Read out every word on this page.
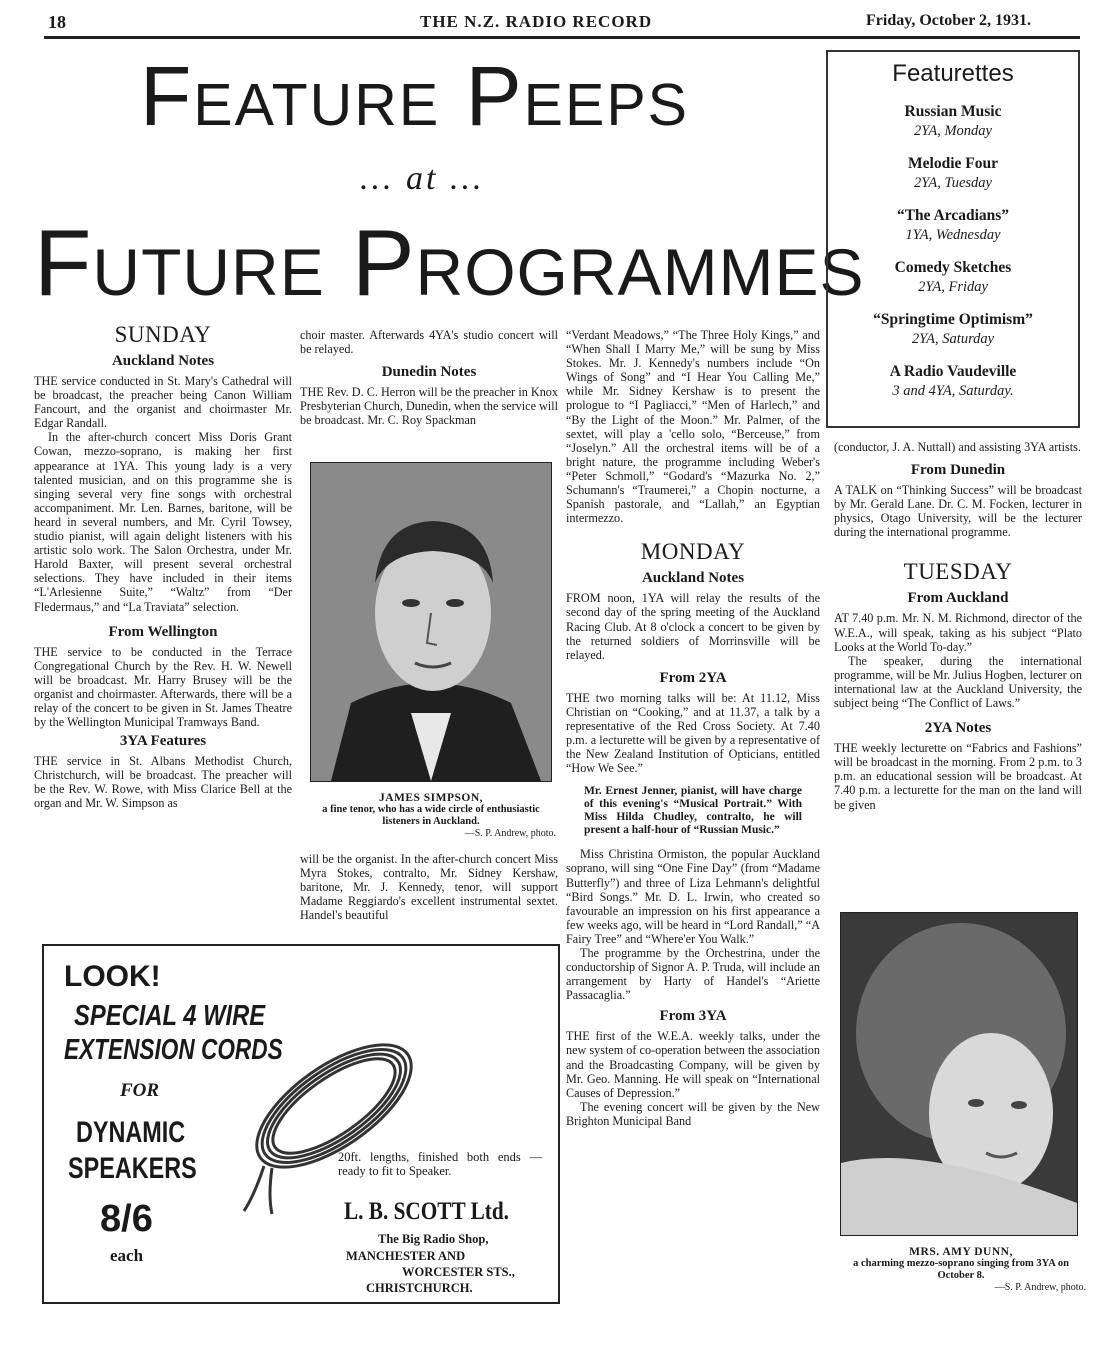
18	THE N.Z. RADIO RECORD	Friday, October 2, 1931.
Feature Peeps
... at ...
Future Programmes
Featurettes
Russian Music
2YA, Monday
Melodie Four
2YA, Tuesday
“The Arcadians”
1YA, Wednesday
Comedy Sketches
2YA, Friday
“Springtime Optimism”
2YA, Saturday
A Radio Vaudeville
3 and 4YA, Saturday.
SUNDAY
Auckland Notes

THE service conducted in St. Mary's Cathedral will be broadcast, the preacher being Canon William Fancourt, and the organist and choirmaster Mr. Edgar Randall.

In the after-church concert Miss Doris Grant Cowan, mezzo-soprano, is making her first appearance at 1YA. This young lady is a very talented musician, and on this programme she is singing several very fine songs with orchestral accompaniment. Mr. Len. Barnes, baritone, will be heard in several numbers, and Mr. Cyril Towsey, studio pianist, will again delight listeners with his artistic solo work. The Salon Orchestra, under Mr. Harold Baxter, will present several orchestral selections. They have included in their items “L'Arlesienne Suite,” “Waltz” from “Der Fledermaus,” and “La Traviata” selection.

From Wellington

THE service to be conducted in the Terrace Congregational Church by the Rev. H. W. Newell will be broadcast. Mr. Harry Brusey will be the organist and choirmaster. Afterwards, there will be a relay of the concert to be given in St. James Theatre by the Wellington Municipal Tramways Band.

3YA Features

THE service in St. Albans Methodist Church, Christchurch, will be broadcast. The preacher will be the Rev. W. Rowe, with Miss Clarice Bell at the organ and Mr. W. Simpson as

choir master. Afterwards 4YA's studio concert will be relayed.

Dunedin Notes

THE Rev. D. C. Herron will be the preacher in Knox Presbyterian Church, Dunedin, when the service will be broadcast. Mr. C. Roy Spackman

JAMES SIMPSON,
a fine tenor, who has a wide circle of enthusiastic listeners in Auckland.
—S. P. Andrew, photo.

will be the organist. In the after-church concert Miss Myra Stokes, contralto, Mr. Sidney Kershaw, baritone, Mr. J. Kennedy, tenor, will support Madame Reggiardo's excellent instrumental sextet. Handel's beautiful

“Verdant Meadows,” “The Three Holy Kings,” and “When Shall I Marry Me,” will be sung by Miss Stokes. Mr. J. Kennedy's numbers include “On Wings of Song” and “I Hear You Calling Me,” while Mr. Sidney Kershaw is to present the prologue to “I Pagliacci,” “Men of Harlech,” and “By the Light of the Moon.” Mr. Palmer, of the sextet, will play a 'cello solo, “Berceuse,” from “Joselyn.” All the orchestral items will be of a bright nature, the programme including Weber's “Peter Schmoll,” “Godard's “Mazurka No. 2,” Schumann's “Traumerei,” a Chopin nocturne, a Spanish pastorale, and “Lallah,” an Egyptian intermezzo.

MONDAY
Auckland Notes

FROM noon, 1YA will relay the results of the second day of the spring meeting of the Auckland Racing Club. At 8 o'clock a concert to be given by the returned soldiers of Morrinsville will be relayed.

From 2YA

THE two morning talks will be: At 11.12, Miss Christian on “Cooking,” and at 11.37, a talk by a representative of the Red Cross Society. At 7.40 p.m. a lecturette will be given by a representative of the New Zealand Institution of Opticians, entitled “How We See.”

Mr. Ernest Jenner, pianist, will have charge of this evening's “Musical Portrait.” With Miss Hilda Chudley, contralto, he will present a half-hour of “Russian Music.”

Miss Christina Ormiston, the popular Auckland soprano, will sing “One Fine Day” (from “Madame Butterfly”) and three of Liza Lehmann's delightful “Bird Songs.” Mr. D. L. Irwin, who created so favourable an impression on his first appearance a few weeks ago, will be heard in “Lord Randall,” “A Fairy Tree” and “Where'er You Walk.”

The programme by the Orchestrina, under the conductorship of Signor A. P. Truda, will include an arrangement by Harty of Handel's “Ariette Passacaglia.”

From 3YA

THE first of the W.E.A. weekly talks, under the new system of co-operation between the association and the Broadcasting Company, will be given by Mr. Geo. Manning. He will speak on “International Causes of Depression.”

The evening concert will be given by the New Brighton Municipal Band

(conductor, J. A. Nuttall) and assisting 3YA artists.

From Dunedin

A TALK on “Thinking Success” will be broadcast by Mr. Gerald Lane. Dr. C. M. Focken, lecturer in physics, Otago University, will be the lecturer during the international programme.

TUESDAY
From Auckland

AT 7.40 p.m. Mr. N. M. Richmond, director of the W.E.A., will speak, taking as his subject “Plato Looks at the World To-day.”

The speaker, during the international programme, will be Mr. Julius Hogben, lecturer on international law at the Auckland University, the subject being “The Conflict of Laws.”

2YA Notes

THE weekly lecturette on “Fabrics and Fashions” will be broadcast in the morning. From 2 p.m. to 3 p.m. an educational session will be broadcast. At 7.40 p.m. a lecturette for the man on the land will be given

MRS. AMY DUNN,
a charming mezzo-soprano singing from 3YA on October 8.
—S. P. Andrew, photo.
LOOK!
SPECIAL 4 WIRE
EXTENSION CORDS
FOR
DYNAMIC
SPEAKERS
8/6
each
20ft. lengths, finished both ends — ready to fit to Speaker.
L. B. SCOTT Ltd.
The Big Radio Shop,
MANCHESTER AND
WORCESTER STS.,
CHRISTCHURCH.
